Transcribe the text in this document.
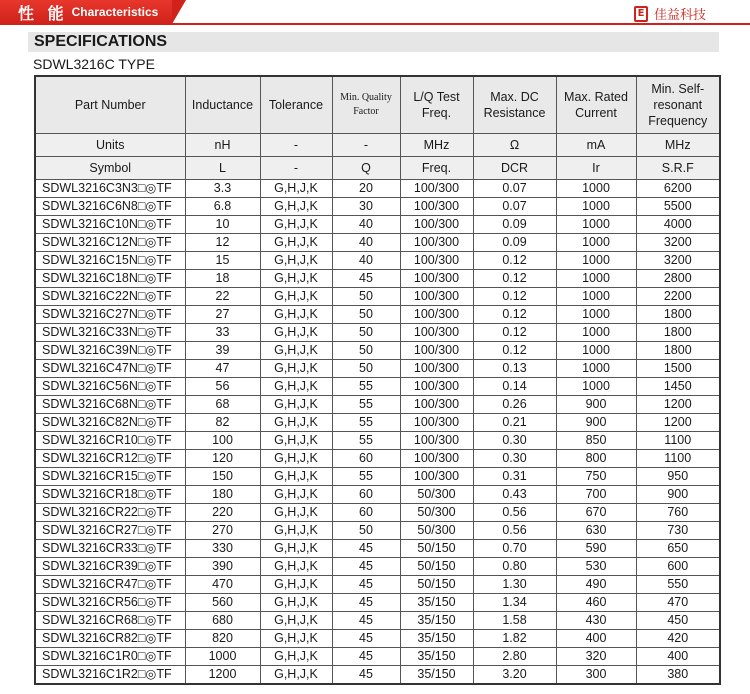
性 能 Characteristics	E 佳益科技
SPECIFICATIONS
SDWL3216C TYPE
Part Number	Inductance	Tolerance	Min. Quality Factor	L/Q Test Freq.	Max. DC Resistance	Max. Rated Current	Min. Self-resonant Frequency
Units	nH	-	-	MHz	Ω	mA	MHz
Symbol	L	-	Q	Freq.	DCR	Ir	S.R.F
SDWL3216C3N3□◎TF	3.3	G,H,J,K	20	100/300	0.07	1000	6200
SDWL3216C6N8□◎TF	6.8	G,H,J,K	30	100/300	0.07	1000	5500
SDWL3216C10N□◎TF	10	G,H,J,K	40	100/300	0.09	1000	4000
SDWL3216C12N□◎TF	12	G,H,J,K	40	100/300	0.09	1000	3200
SDWL3216C15N□◎TF	15	G,H,J,K	40	100/300	0.12	1000	3200
SDWL3216C18N□◎TF	18	G,H,J,K	45	100/300	0.12	1000	2800
SDWL3216C22N□◎TF	22	G,H,J,K	50	100/300	0.12	1000	2200
SDWL3216C27N□◎TF	27	G,H,J,K	50	100/300	0.12	1000	1800
SDWL3216C33N□◎TF	33	G,H,J,K	50	100/300	0.12	1000	1800
SDWL3216C39N□◎TF	39	G,H,J,K	50	100/300	0.12	1000	1800
SDWL3216C47N□◎TF	47	G,H,J,K	50	100/300	0.13	1000	1500
SDWL3216C56N□◎TF	56	G,H,J,K	55	100/300	0.14	1000	1450
SDWL3216C68N□◎TF	68	G,H,J,K	55	100/300	0.26	900	1200
SDWL3216C82N□◎TF	82	G,H,J,K	55	100/300	0.21	900	1200
SDWL3216CR10□◎TF	100	G,H,J,K	55	100/300	0.30	850	1100
SDWL3216CR12□◎TF	120	G,H,J,K	60	100/300	0.30	800	1100
SDWL3216CR15□◎TF	150	G,H,J,K	55	100/300	0.31	750	950
SDWL3216CR18□◎TF	180	G,H,J,K	60	50/300	0.43	700	900
SDWL3216CR22□◎TF	220	G,H,J,K	60	50/300	0.56	670	760
SDWL3216CR27□◎TF	270	G,H,J,K	50	50/300	0.56	630	730
SDWL3216CR33□◎TF	330	G,H,J,K	45	50/150	0.70	590	650
SDWL3216CR39□◎TF	390	G,H,J,K	45	50/150	0.80	530	600
SDWL3216CR47□◎TF	470	G,H,J,K	45	50/150	1.30	490	550
SDWL3216CR56□◎TF	560	G,H,J,K	45	35/150	1.34	460	470
SDWL3216CR68□◎TF	680	G,H,J,K	45	35/150	1.58	430	450
SDWL3216CR82□◎TF	820	G,H,J,K	45	35/150	1.82	400	420
SDWL3216C1R0□◎TF	1000	G,H,J,K	45	35/150	2.80	320	400
SDWL3216C1R2□◎TF	1200	G,H,J,K	45	35/150	3.20	300	380
